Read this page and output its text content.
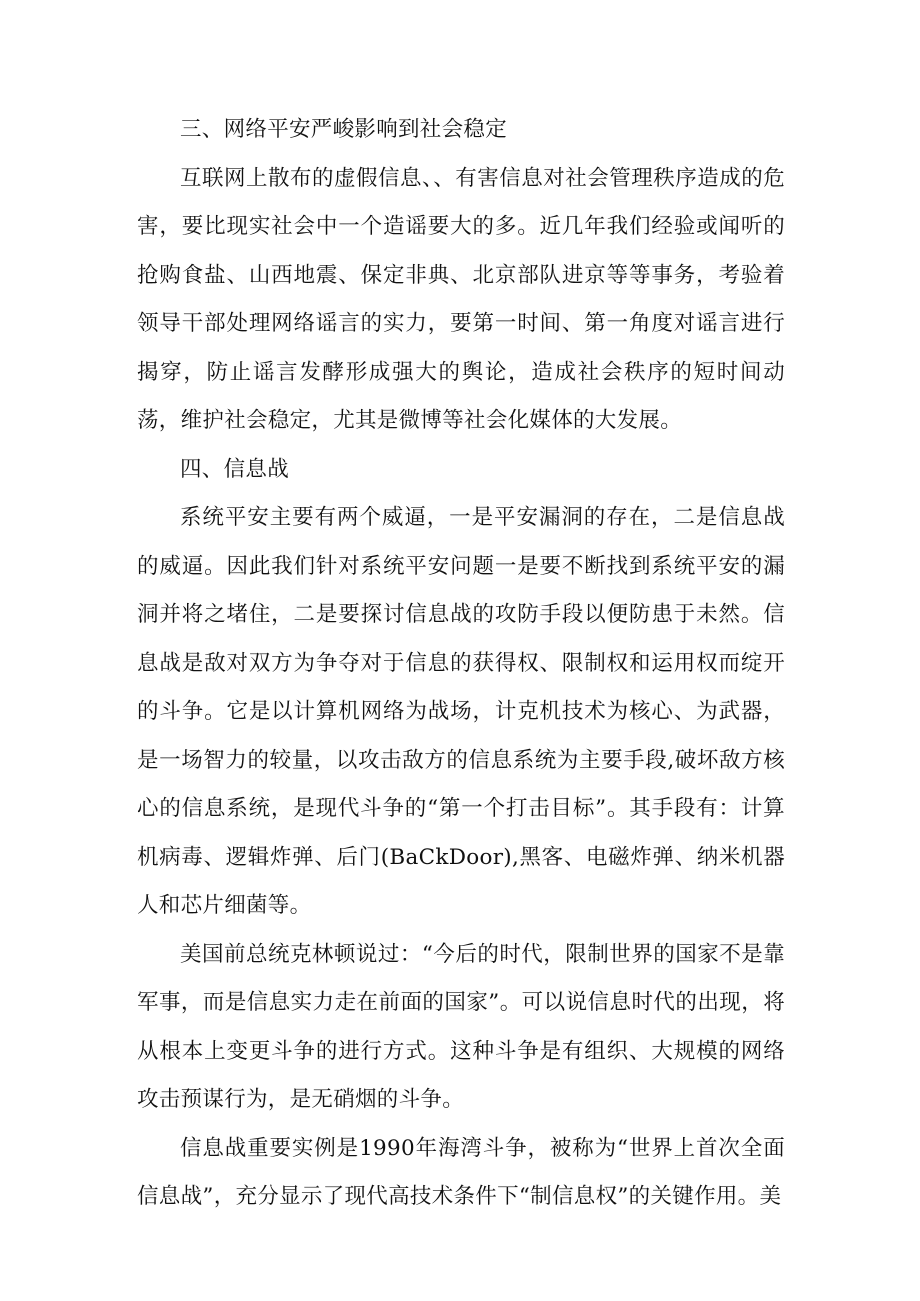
三、网络平安严峻影响到社会稳定

互联网上散布的虚假信息、、有害信息对社会管理秩序造成的危害，要比现实社会中一个造谣要大的多。近几年我们经验或闻听的抢购食盐、山西地震、保定非典、北京部队进京等等事务，考验着领导干部处理网络谣言的实力，要第一时间、第一角度对谣言进行揭穿，防止谣言发酵形成强大的舆论，造成社会秩序的短时间动荡，维护社会稳定，尤其是微博等社会化媒体的大发展。

四、信息战

系统平安主要有两个威逼，一是平安漏洞的存在，二是信息战的威逼。因此我们针对系统平安问题一是要不断找到系统平安的漏洞并将之堵住，二是要探讨信息战的攻防手段以便防患于未然。信息战是敌对双方为争夺对于信息的获得权、限制权和运用权而绽开的斗争。它是以计算机网络为战场，计克机技术为核心、为武器，是一场智力的较量，以攻击敌方的信息系统为主要手段,破坏敌方核心的信息系统，是现代斗争的“第一个打击目标”。其手段有：计算机病毒、逻辑炸弹、后门(BaCkDoor),黑客、电磁炸弹、纳米机器人和芯片细菌等。

美国前总统克林顿说过：“今后的时代，限制世界的国家不是靠军事，而是信息实力走在前面的国家”。可以说信息时代的出现，将从根本上变更斗争的进行方式。这种斗争是有组织、大规模的网络攻击预谋行为，是无硝烟的斗争。

信息战重要实例是1990年海湾斗争，被称为“世界上首次全面信息战”，充分显示了现代高技术条件下“制信息权”的关键作用。美
